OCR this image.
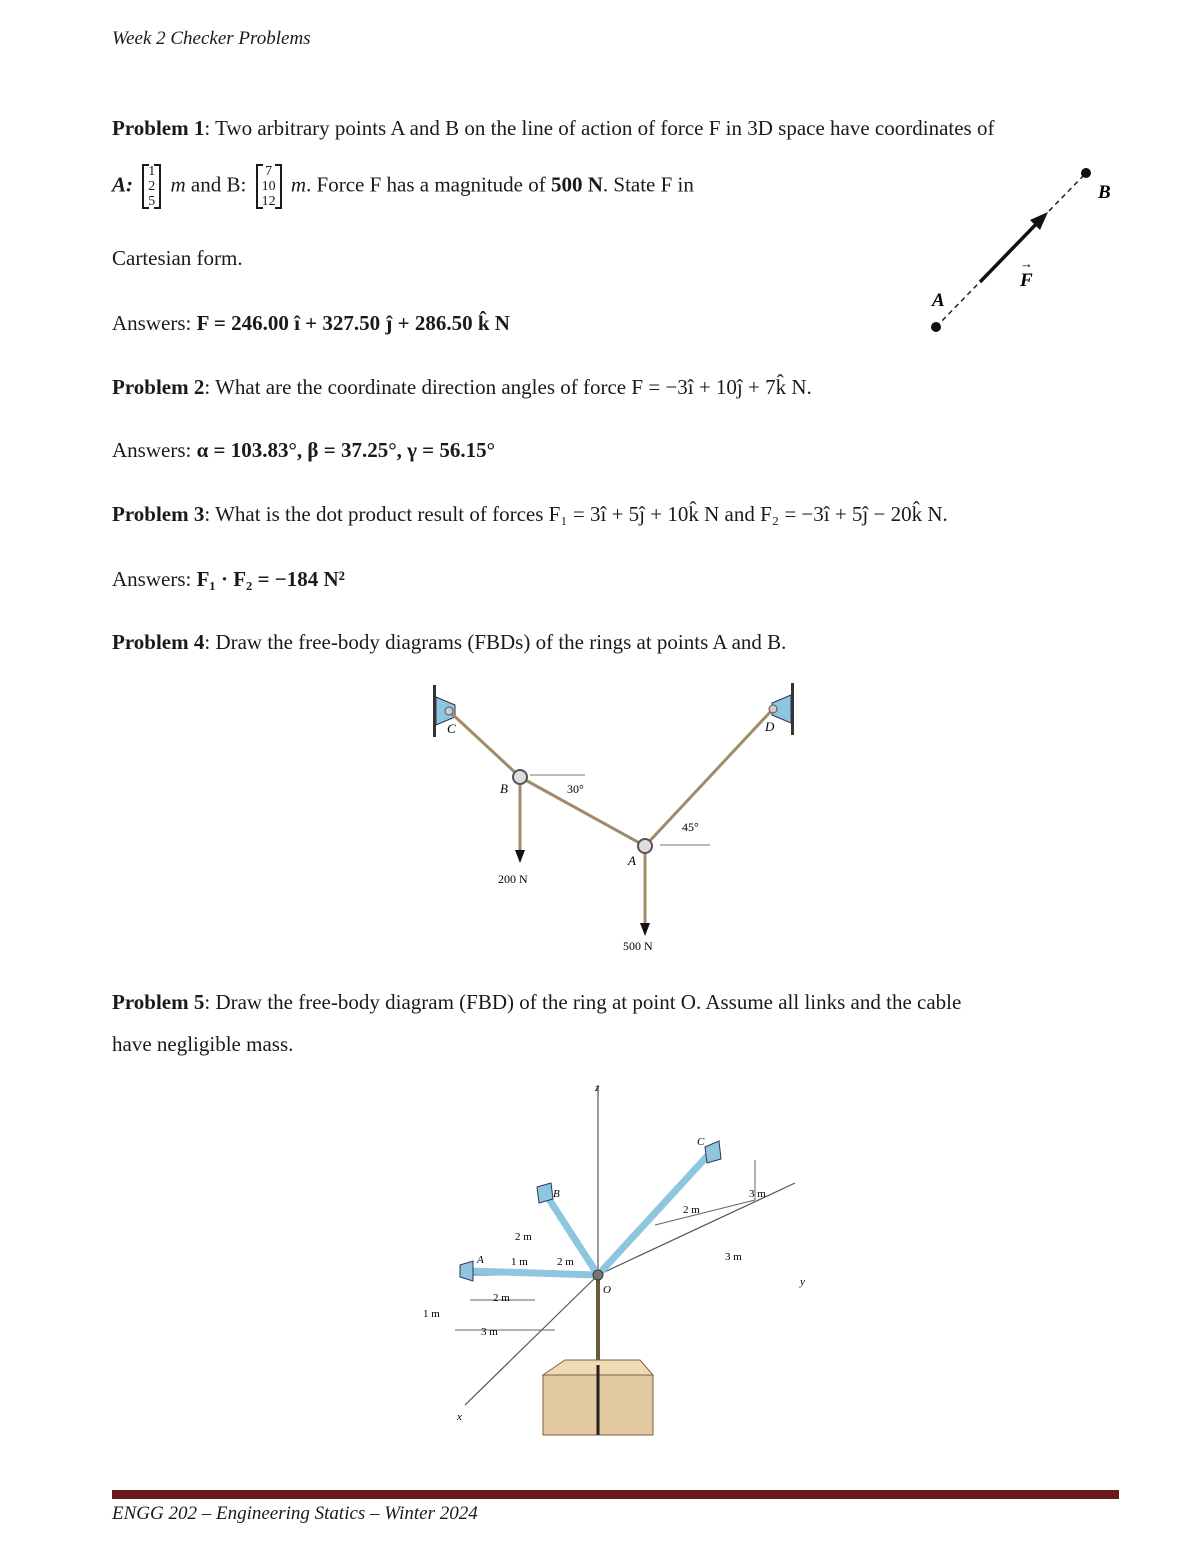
Week 2 Checker Problems
Problem 1: Two arbitrary points A and B on the line of action of force F in 3D space have coordinates of
A:
1
2
5
m and B:
7
10
12
m. Force F has a magnitude of 500 N. State F in
Cartesian form.
Answers: F = 246.00 î + 327.50 ĵ + 286.50 k̂ N
A
B
F
→
Problem 2: What are the coordinate direction angles of force F = −3î + 10ĵ + 7k̂ N.
Answers: α = 103.83°, β = 37.25°, γ = 56.15°
Problem 3: What is the dot product result of forces F₁ = 3î + 5ĵ + 10k̂ N and F₂ = −3î + 5ĵ − 20k̂ N.
Answers: F₁ · F₂ = −184 N²
Problem 4: Draw the free-body diagrams (FBDs) of the rings at points A and B.
C	D
B
A
30°
45°
200 N
500 N
Problem 5: Draw the free-body diagram (FBD) of the ring at point O. Assume all links and the cable
have negligible mass.
z
x
y
O
A
B
C
2 m
1 m
2 m
2 m
1 m
3 m
2 m
3 m
3 m
ENGG 202 – Engineering Statics – Winter 2024
